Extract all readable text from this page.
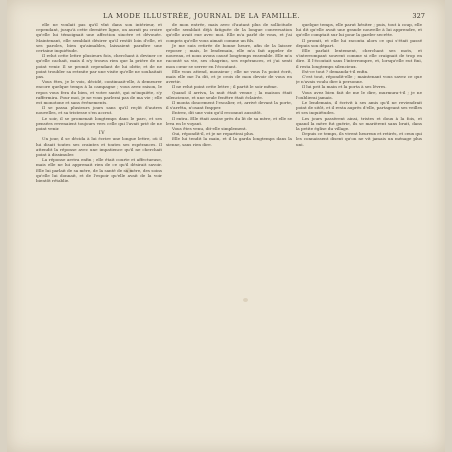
LA MODE ILLUSTRÉE, JOURNAL DE LA FAMILLE.	327

elle ne voulait pas qu'il vînt dans son intérieur, et cependant, jusqu'à cette dernière ligne, on aurait pu croire qu'elle lui témoignait une affection sincère et dévouée. Maintenant, elle semblait désirer qu'il restât loin d'elle, et ses paroles, bien qu'aimables, laissaient paraître une certaine inquiétude.

Il relut cette lettre plusieurs fois, cherchant à deviner ce qu'elle cachait, mais il n'y trouva rien que la prière de ne point venir. Il se promit cependant de lui obéir, et de ne point troubler sa retraite par une visite qu'elle ne souhaitait pas.

Vous êtes, je le vois, décidé, continuait-elle, à demeurer encore quelque temps à la campagne ; vous avez raison, le repos vous fera du bien, et votre santé, qui m'inquiète, s'y raffermira. Pour moi, je ne vous parlerai pas de ma vie ; elle est monotone et sans événements.

Il se passa plusieurs jours sans qu'il reçût d'autres nouvelles, et sa tristesse s'en accrut.

Le soir, il se promenait longtemps dans le parc, et ses pensées revenaient toujours vers celle qui l'avait prié de ne point venir.

IV

Un jour, il se décida à lui écrire une longue lettre, où il lui disait toutes ses craintes et toutes ses espérances. Il attendit la réponse avec une impatience qu'il ne cherchait point à dissimuler.

La réponse arriva enfin ; elle était courte et affectueuse, mais elle ne lui apprenait rien de ce qu'il désirait savoir. Elle lui parlait de sa mère, de la santé de sa mère, des soins qu'elle lui donnait, et de l'espoir qu'elle avait de la voir bientôt rétablie.

de mon entrée, mais avec d'autant plus de sollicitude qu'elle semblait déjà fatiguée de la longue conversation qu'elle avait eue avec moi. Elle m'a parlé de vous, et j'ai compris qu'elle vous aimait comme un fils.

Je me suis retirée de bonne heure, afin de la laisser reposer ; mais, le lendemain, elle m'a fait appeler de nouveau, et nous avons causé longtemps ensemble. Elle m'a raconté sa vie, ses chagrins, ses espérances, et j'ai senti mon cœur se serrer en l'écoutant.

Elle vous attend, monsieur ; elle ne vous l'a point écrit, mais elle me l'a dit, et je crois de mon devoir de vous en avertir.

Il ne relut point cette lettre ; il partit le soir même.

Quand il arriva, la nuit était venue ; la maison était silencieuse, et une seule fenêtre était éclairée.

Il monta doucement l'escalier, et, arrivé devant la porte, il s'arrêta, n'osant frapper.

Entrez, dit une voix qu'il reconnut aussitôt.

Il entra. Elle était assise près du lit de sa mère, et elle se leva en le voyant.

Vous êtes venu, dit-elle simplement.

Oui, répondit-il, et je ne repartirai plus.

Elle lui tendit la main, et il la garda longtemps dans la sienne, sans rien dire.

quelque temps, elle parut hésiter ; puis, tout à coup, elle lui dit qu'elle avait une grande nouvelle à lui apprendre, et qu'elle comptait sur lui pour la garder secrète.

Il promit, et elle lui raconta alors ce qui s'était passé depuis son départ.

Elle parlait lentement, cherchant ses mots, et s'interrompant souvent comme si elle craignait de trop en dire. Il l'écoutait sans l'interrompre, et, lorsqu'elle eut fini, il resta longtemps silencieux.

Est-ce tout ? demanda-t-il enfin.

C'est tout, répondit-elle ; maintenant vous savez ce que je n'avais voulu dire à personne.

Il lui prit la main et la porta à ses lèvres.

Vous avez bien fait de me le dire, murmura-t-il ; je ne l'oublierai jamais.

Le lendemain, il écrivit à ses amis qu'il ne reviendrait point de sitôt, et il resta auprès d'elle, partageant ses veilles et ses inquiétudes.

Les jours passèrent ainsi, tristes et doux à la fois, et quand la mère fut guérie, ils se marièrent sans bruit, dans la petite église du village.

Depuis ce temps, ils vivent heureux et retirés, et ceux qui les connaissent disent qu'on ne vit jamais un ménage plus uni.
